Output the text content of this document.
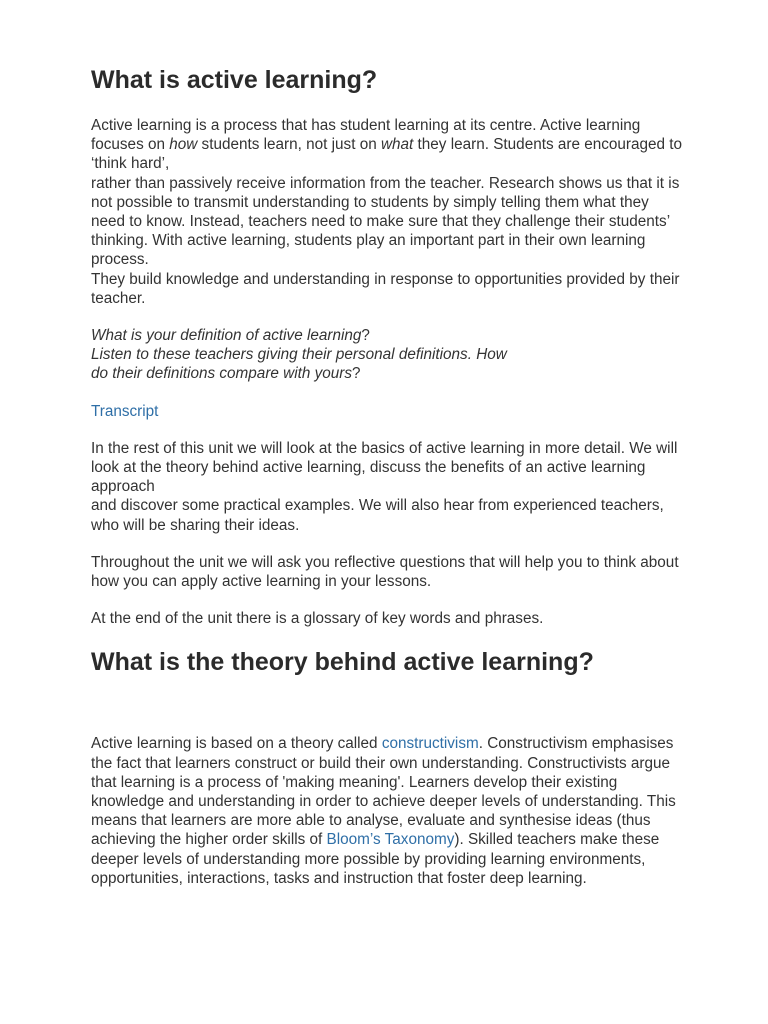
What is active learning?

Active learning is a process that has student learning at its centre. Active learning focuses on how students learn, not just on what they learn. Students are encouraged to ‘think hard’,
rather than passively receive information from the teacher. Research shows us that it is not possible to transmit understanding to students by simply telling them what they
need to know. Instead, teachers need to make sure that they challenge their students’ thinking. With active learning, students play an important part in their own learning process.
They build knowledge and understanding in response to opportunities provided by their teacher.

What is your definition of active learning?
Listen to these teachers giving their personal definitions. How
do their definitions compare with yours?

Transcript

In the rest of this unit we will look at the basics of active learning in more detail. We will look at the theory behind active learning, discuss the benefits of an active learning approach
and discover some practical examples. We will also hear from experienced teachers, who will be sharing their ideas.

Throughout the unit we will ask you reflective questions that will help you to think about how you can apply active learning in your lessons.

At the end of the unit there is a glossary of key words and phrases.

What is the theory behind active learning?

Active learning is based on a theory called constructivism. Constructivism emphasises the fact that learners construct or build their own understanding. Constructivists argue that learning is a process of 'making meaning'. Learners develop their existing knowledge and understanding in order to achieve deeper levels of understanding. This means that learners are more able to analyse, evaluate and synthesise ideas (thus achieving the higher order skills of Bloom’s Taxonomy). Skilled teachers make these deeper levels of understanding more possible by providing learning environments, opportunities, interactions, tasks and instruction that foster deep learning.
